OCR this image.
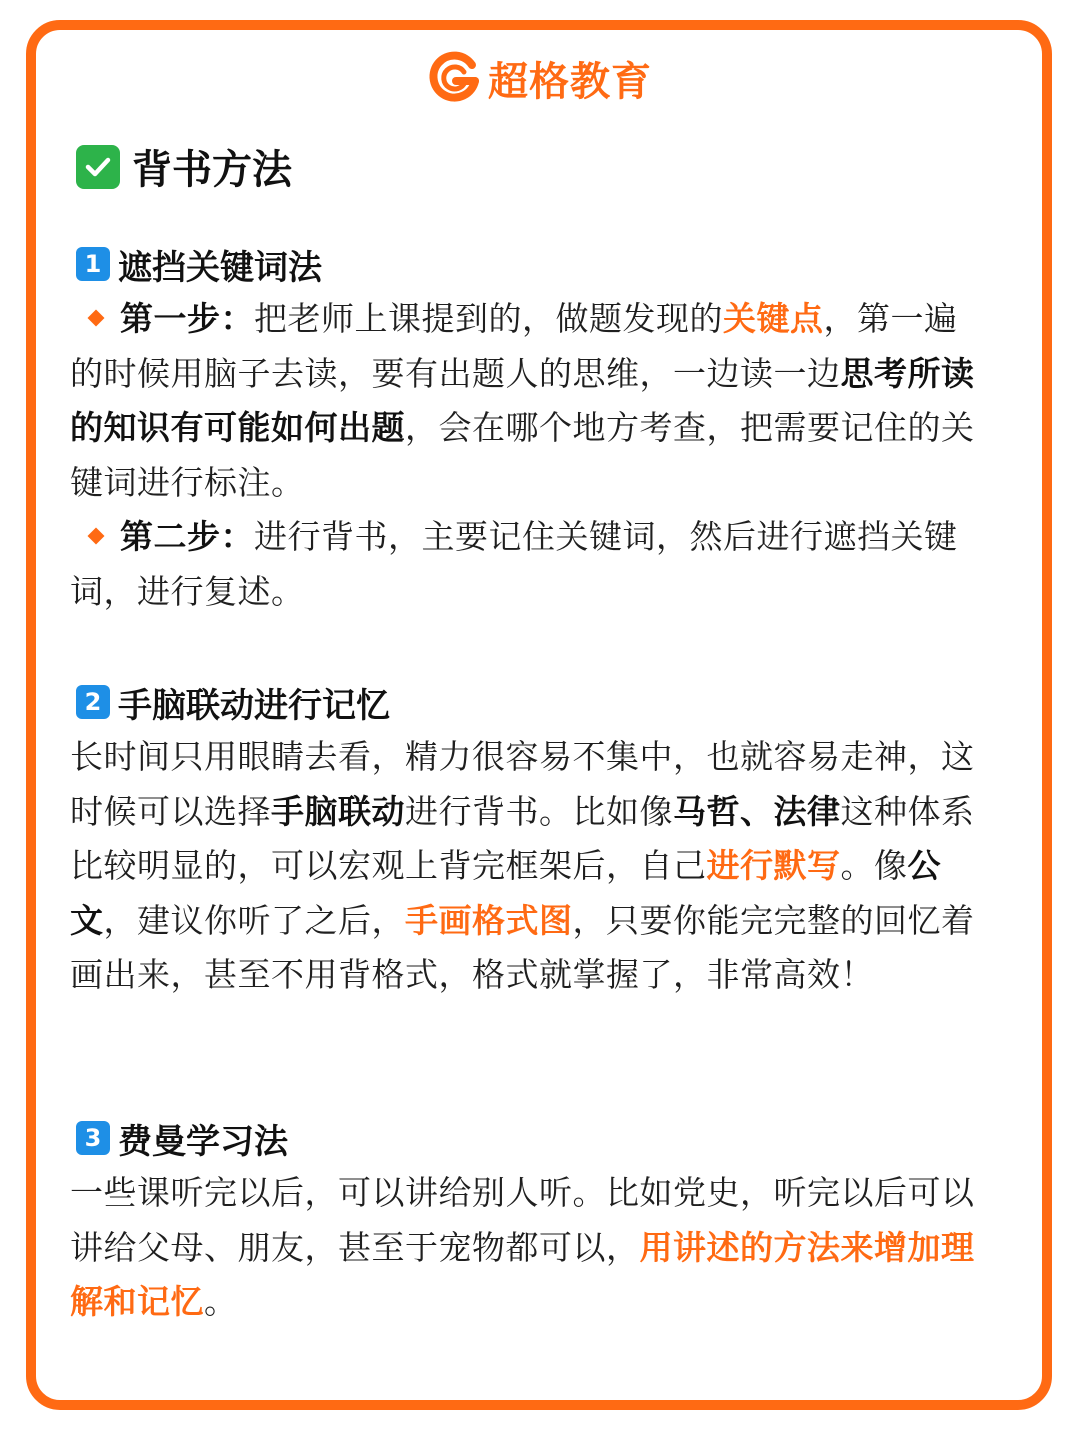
超格教育
背书方法
1 遮挡关键词法

第一步：把老师上课提到的，做题发现的关键点，第一遍的时候用脑子去读，要有出题人的思维，一边读一边思考所读的知识有可能如何出题，会在哪个地方考查，把需要记住的关键词进行标注。

第二步：进行背书，主要记住关键词，然后进行遮挡关键词，进行复述。

2 手脑联动进行记忆

长时间只用眼睛去看，精力很容易不集中，也就容易走神，这时候可以选择手脑联动进行背书。比如像马哲、法律这种体系比较明显的，可以宏观上背完框架后，自己进行默写。像公文，建议你听了之后，手画格式图，只要你能完完整的回忆着画出来，甚至不用背格式，格式就掌握了，非常高效！

3 费曼学习法

一些课听完以后，可以讲给别人听。比如党史，听完以后可以讲给父母、朋友，甚至于宠物都可以，用讲述的方法来增加理解和记忆。
